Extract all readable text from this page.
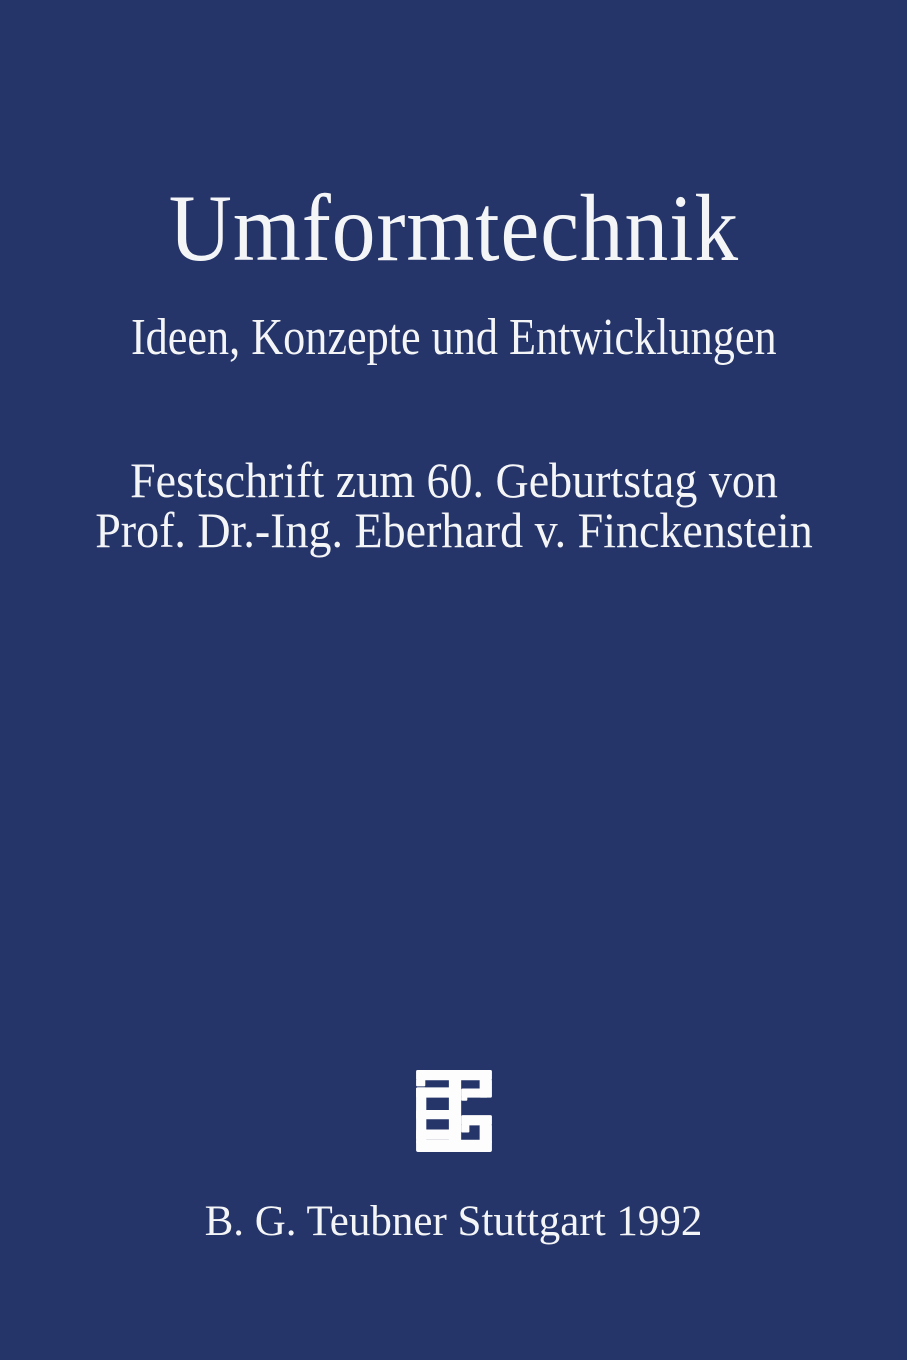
Umformtechnik
Ideen, Konzepte und Entwicklungen
Festschrift zum 60. Geburtstag von
Prof. Dr.-Ing. Eberhard v. Finckenstein
B. G. Teubner Stuttgart 1992
